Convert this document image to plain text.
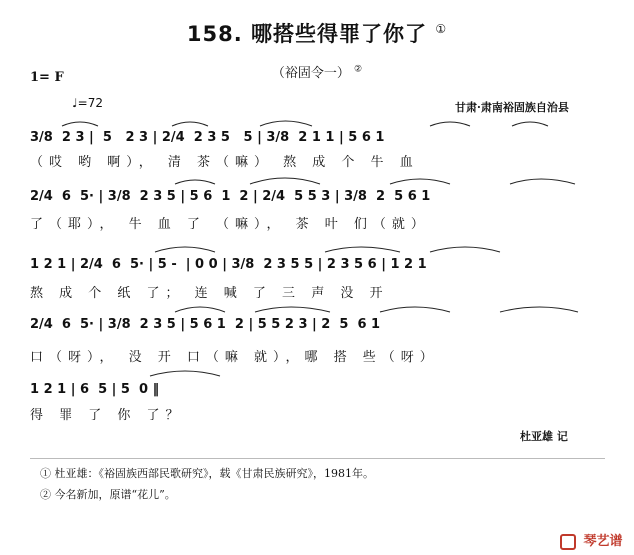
158. 哪搭些得罪了你了 ①
（裕固令一） ②
1= F
♩=72	甘肃·肃南裕固族自治县
3/8  2 3 |  5   2 3 | 2/4  2 3 5   5 | 3/8  2 1 1 | 5 6 1
（哎 哟 啊）， 清 茶（嘛） 熬 成 个 牛 血
2/4  6  5· | 3/8  2 3 5 | 5 6  1  2 | 2/4  5 5 3 | 3/8  2  5 6 1
了（耶）， 牛 血 了 （嘛）， 茶 叶 们（就）
1 2 1 | 2/4  6  5· | 5 -  | 0 0 | 3/8  2 3 5 5 | 2 3 5 6 | 1 2 1
熬 成 个 纸 了； 连 喊 了 三 声 没 开
2/4  6  5· | 3/8  2 3 5 | 5 6 1  2 | 5 5 2 3 | 2  5  6 1
口（呀）， 没 开 口（嘛 就），哪 搭 些（呀）
1 2 1 | 6  5 | 5  0 ‖
得 罪 了 你 了？
杜亚雄 记
① 杜亚雄：《裕固族西部民歌研究》，载《甘肃民族研究》，1981年。
② 今名新加，原谱“花儿”。
琴艺谱
